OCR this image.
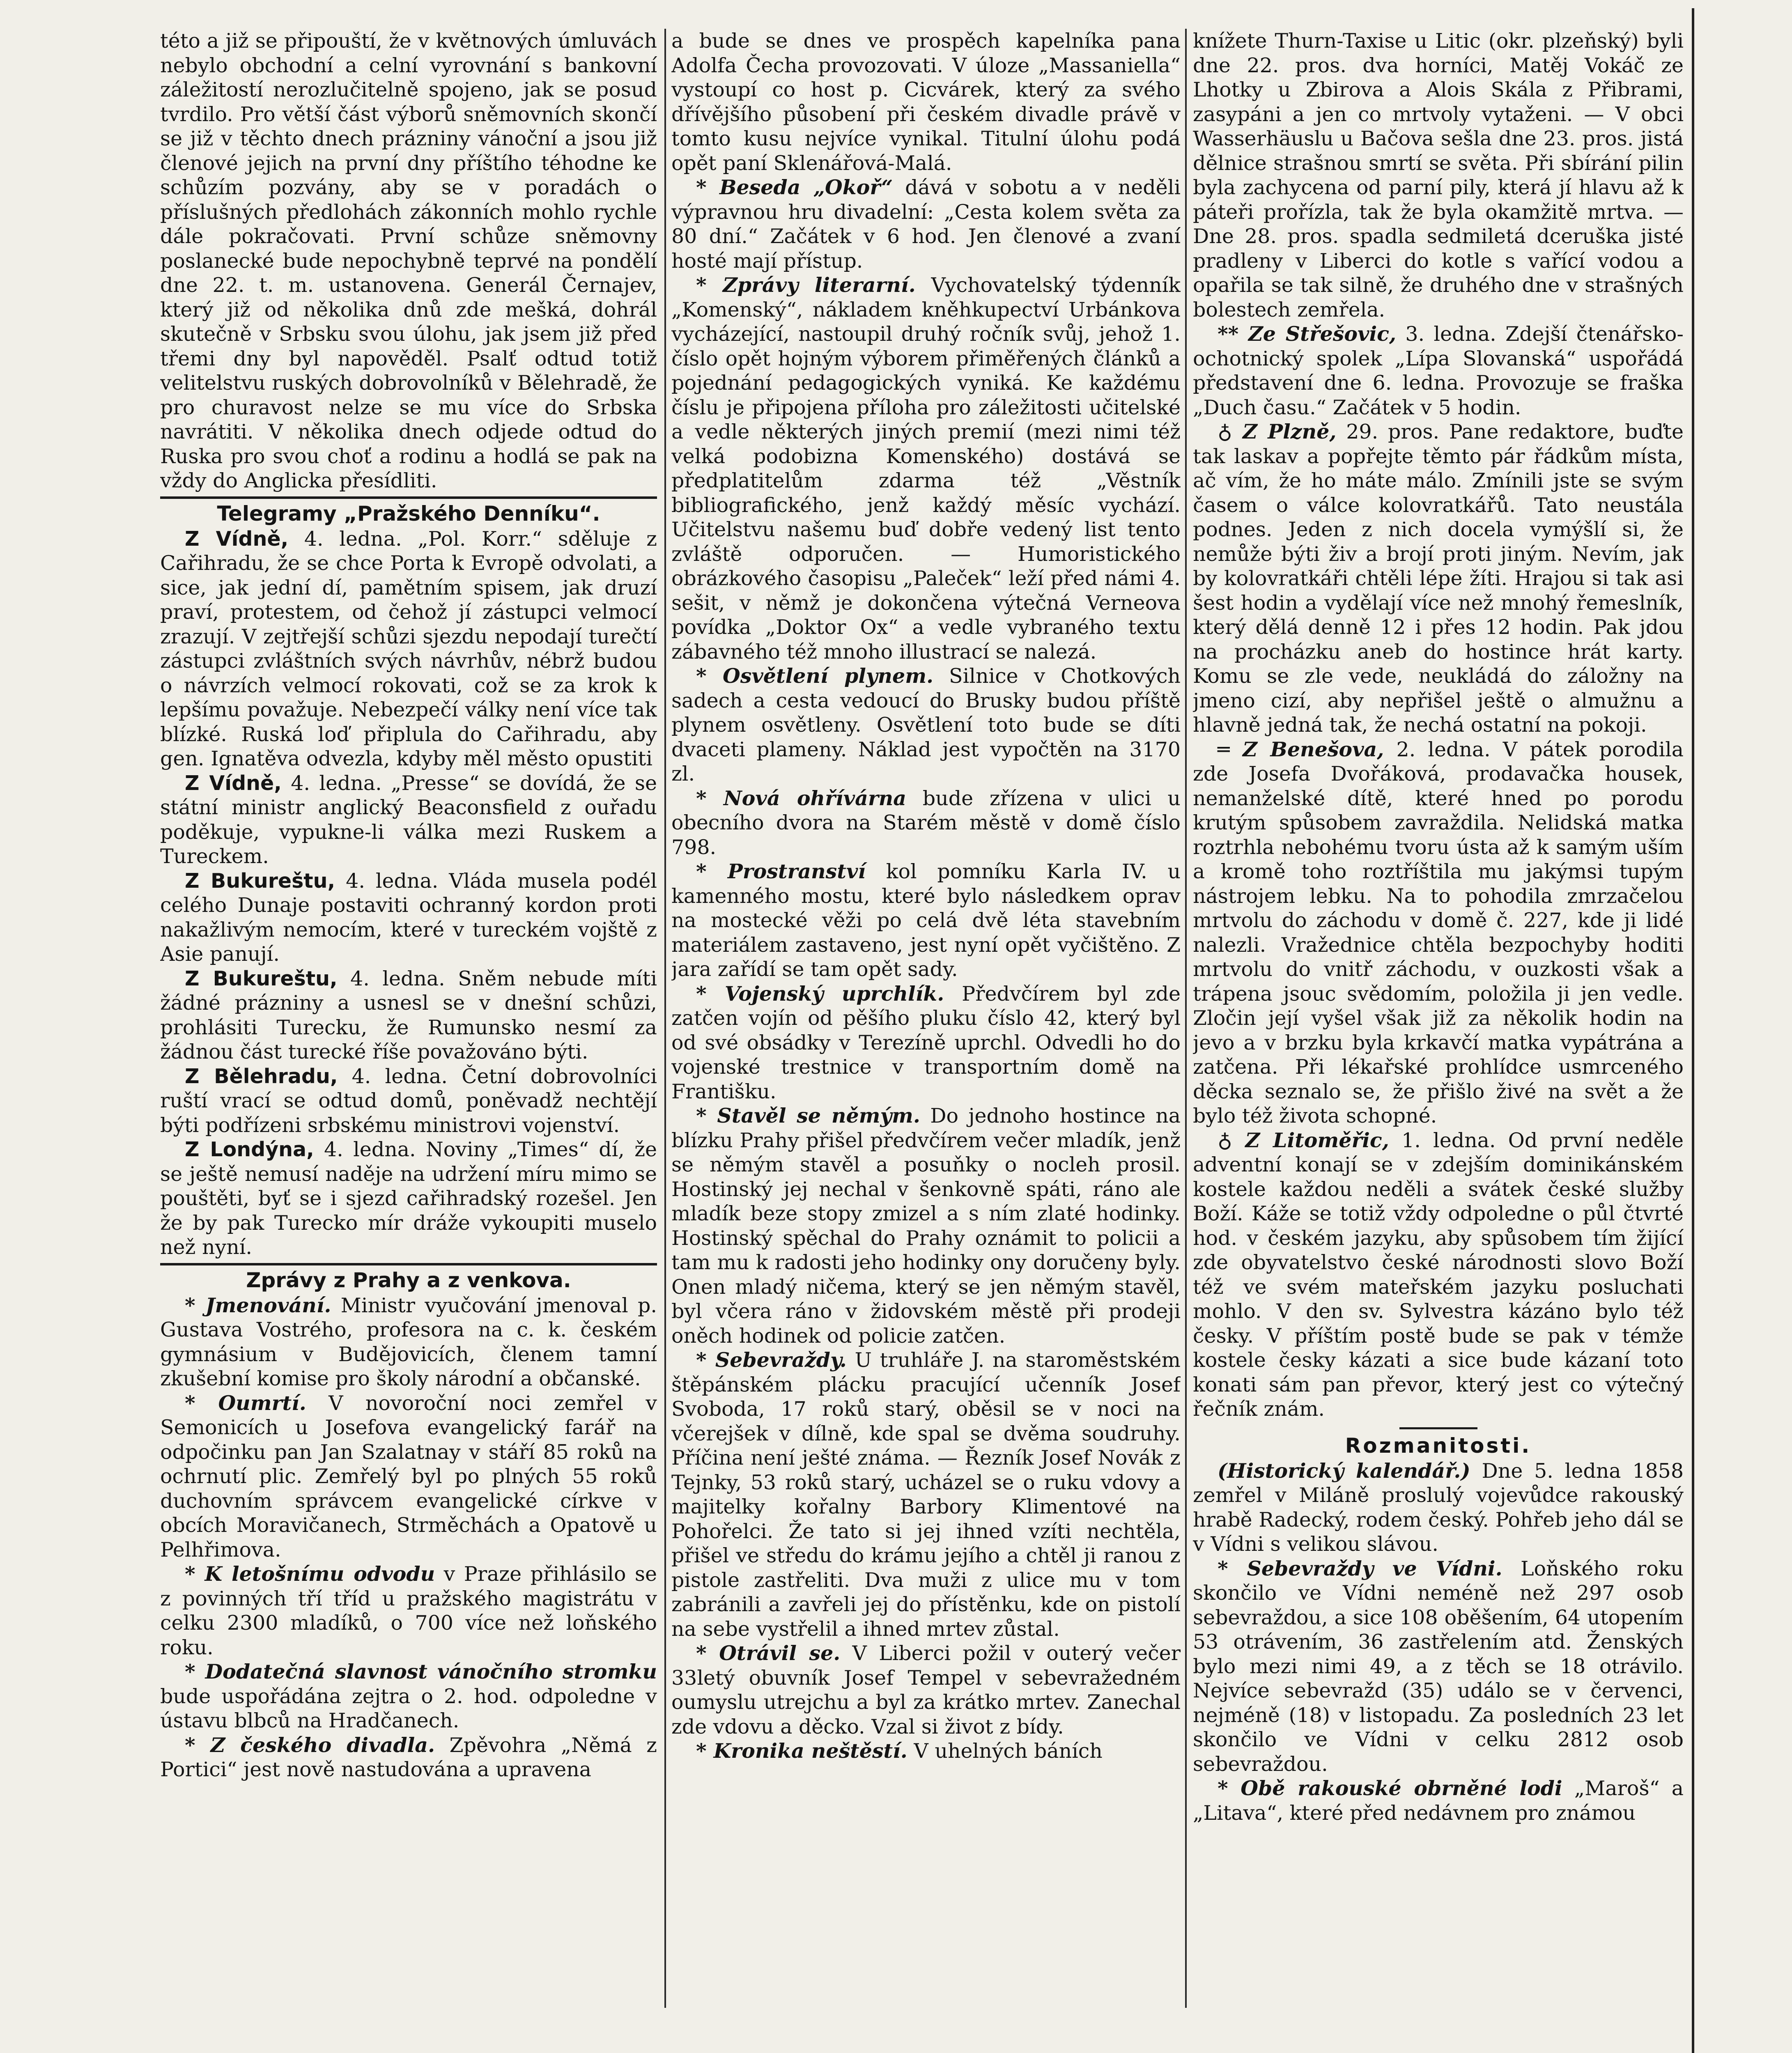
této a již se připouští, že v květnových úmluvách nebylo obchodní a celní vyrovnání s bankovní záležitostí nerozlučitelně spojeno, jak se posud tvrdilo. Pro větší část výborů sněmovních skončí se již v těchto dnech prázniny vánoční a jsou již členové jejich na první dny příštího téhodne ke schůzím pozvány, aby se v poradách o příslušných předlohách zákonních mohlo rychle dále pokračovati. První schůze sněmovny poslanecké bude nepochybně teprvé na pondělí dne 22. t. m. ustanovena. Generál Černajev, který již od několika dnů zde mešká, dohrál skutečně v Srbsku svou úlohu, jak jsem již před třemi dny byl napověděl. Psalť odtud totiž velitelstvu ruských dobrovolníků v Bělehradě, že pro churavost nelze se mu více do Srbska navrátiti. V několika dnech odjede odtud do Ruska pro svou choť a rodinu a hodlá se pak na vždy do Anglicka přesídliti.

Telegramy „Pražského Denníku“.

Z Vídně, 4. ledna. „Pol. Korr.“ sděluje z Cařihradu, že se chce Porta k Evropě odvolati, a sice, jak jední dí, pamětním spisem, jak druzí praví, protestem, od čehož jí zástupci velmocí zrazují. V zejtřejší schůzi sjezdu nepodají turečtí zástupci zvláštních svých návrhův, nébrž budou o návrzích velmocí rokovati, což se za krok k lepšímu považuje. Nebezpečí války není více tak blízké. Ruská loď připlula do Cařihradu, aby gen. Ignatěva odvezla, kdyby měl město opustiti

Z Vídně, 4. ledna. „Presse“ se dovídá, že se státní ministr anglický Beaconsfield z ouřadu poděkuje, vypukne-li válka mezi Ruskem a Tureckem.

Z Bukureštu, 4. ledna. Vláda musela podél celého Dunaje postaviti ochranný kordon proti nakažlivým nemocím, které v tureckém vojště z Asie panují.

Z Bukureštu, 4. ledna. Sněm nebude míti žádné prázniny a usnesl se v dnešní schůzi, prohlásiti Turecku, že Rumunsko nesmí za žádnou část turecké říše považováno býti.

Z Bělehradu, 4. ledna. Četní dobrovolníci ruští vrací se odtud domů, poněvadž nechtějí býti podřízeni srbskému ministrovi vojenství.

Z Londýna, 4. ledna. Noviny „Times“ dí, že se ještě nemusí naděje na udržení míru mimo se pouštěti, byť se i sjezd cařihradský rozešel. Jen že by pak Turecko mír dráže vykoupiti muselo než nyní.

Zprávy z Prahy a z venkova.

* Jmenování. Ministr vyučování jmenoval p. Gustava Vostrého, profesora na c. k. českém gymnásium v Budějovicích, členem tamní zkušební komise pro školy národní a občanské.

* Oumrtí. V novoroční noci zemřel v Semonicích u Josefova evangelický farář na odpočinku pan Jan Szalatnay v stáří 85 roků na ochrnutí plic. Zemřelý byl po plných 55 roků duchovním správcem evangelické církve v obcích Moravičanech, Strměchách a Opatově u Pelhřimova.

* K letošnímu odvodu v Praze přihlásilo se z povinných tří tříd u pražského magistrátu v celku 2300 mladíků, o 700 více než loňského roku.

* Dodatečná slavnost vánočního stromku bude uspořádána zejtra o 2. hod. odpoledne v ústavu blbců na Hradčanech.

* Z českého divadla. Zpěvohra „Němá z Portici“ jest nově nastudována a upravena

a bude se dnes ve prospěch kapelníka pana Adolfa Čecha provozovati. V úloze „Massaniella“ vystoupí co host p. Cicvárek, který za svého dřívějšího působení při českém divadle právě v tomto kusu nejvíce vynikal. Titulní úlohu podá opět paní Sklenářová-Malá.

* Beseda „Okoř“ dává v sobotu a v neděli výpravnou hru divadelní: „Cesta kolem světa za 80 dní.“ Začátek v 6 hod. Jen členové a zvaní hosté mají přístup.

* Zprávy literarní. Vychovatelský týdenník „Komenský“, nákladem kněhkupectví Urbánkova vycházející, nastoupil druhý ročník svůj, jehož 1. číslo opět hojným výborem přiměřených článků a pojednání pedagogických vyniká. Ke každému číslu je připojena příloha pro záležitosti učitelské a vedle některých jiných premií (mezi nimi též velká podobizna Komenského) dostává se předplatitelům zdarma též „Věstník bibliografického, jenž každý měsíc vychází. Učitelstvu našemu buď dobře vedený list tento zvláště odporučen. — Humoristického obrázkového časopisu „Paleček“ leží před námi 4. sešit, v němž je dokončena výtečná Verneova povídka „Doktor Ox“ a vedle vybraného textu zábavného též mnoho illustrací se nalezá.

* Osvětlení plynem. Silnice v Chotkových sadech a cesta vedoucí do Brusky budou příště plynem osvětleny. Osvětlení toto bude se díti dvaceti plameny. Náklad jest vypočtěn na 3170 zl.

* Nová ohřívárna bude zřízena v ulici u obecního dvora na Starém městě v domě číslo 798.

* Prostranství kol pomníku Karla IV. u kamenného mostu, které bylo následkem oprav na mostecké věži po celá dvě léta stavebním materiálem zastaveno, jest nyní opět vyčištěno. Z jara zařídí se tam opět sady.

* Vojenský uprchlík. Předvčírem byl zde zatčen vojín od pěšího pluku číslo 42, který byl od své obsádky v Terezíně uprchl. Odvedli ho do vojenské trestnice v transportním domě na Františku.

* Stavěl se němým. Do jednoho hostince na blízku Prahy přišel předvčírem večer mladík, jenž se němým stavěl a posuňky o nocleh prosil. Hostinský jej nechal v šenkovně spáti, ráno ale mladík beze stopy zmizel a s ním zlaté hodinky. Hostinský spěchal do Prahy oznámit to policii a tam mu k radosti jeho hodinky ony doručeny byly. Onen mladý ničema, který se jen němým stavěl, byl včera ráno v židovském městě při prodeji oněch hodinek od policie zatčen.

* Sebevraždy. U truhláře J. na staroměstském štěpánském plácku pracující učenník Josef Svoboda, 17 roků starý, oběsil se v noci na včerejšek v dílně, kde spal se dvěma soudruhy. Příčina není ješté známa. — Řezník Josef Novák z Tejnky, 53 roků starý, ucházel se o ruku vdovy a majitelky kořalny Barbory Klimentové na Pohořelci. Že tato si jej ihned vzíti nechtěla, přišel ve středu do krámu jejího a chtěl ji ranou z pistole zastřeliti. Dva muži z ulice mu v tom zabránili a zavřeli jej do přístěnku, kde on pistolí na sebe vystřelil a ihned mrtev zůstal.

* Otrávil se. V Liberci požil v outerý večer 33letý obuvník Josef Tempel v sebevražedném oumyslu utrejchu a byl za krátko mrtev. Zanechal zde vdovu a děcko. Vzal si život z bídy.

* Kronika neštěstí. V uhelných báních

knížete Thurn-Taxise u Litic (okr. plzeňský) byli dne 22. pros. dva horníci, Matěj Vokáč ze Lhotky u Zbirova a Alois Skála z Přibrami, zasypáni a jen co mrtvoly vytaženi. — V obci Wasserhäuslu u Bačova sešla dne 23. pros. jistá dělnice strašnou smrtí se světa. Při sbírání pilin byla zachycena od parní pily, která jí hlavu až k páteři prořízla, tak že byla okamžitě mrtva. — Dne 28. pros. spadla sedmiletá dceruška jisté pradleny v Liberci do kotle s vařící vodou a opařila se tak silně, že druhého dne v strašných bolestech zemřela.

** Ze Střešovic, 3. ledna. Zdejší čtenářsko-ochotnický spolek „Lípa Slovanská“ uspořádá představení dne 6. ledna. Provozuje se fraška „Duch času.“ Začátek v 5 hodin.

♁ Z Plzně, 29. pros. Pane redaktore, buďte tak laskav a popřejte těmto pár řádkům místa, ač vím, že ho máte málo. Zmínili jste se svým časem o válce kolovratkářů. Tato neustála podnes. Jeden z nich docela vymýšlí si, že nemůže býti živ a brojí proti jiným. Nevím, jak by kolovratkáři chtěli lépe žíti. Hrajou si tak asi šest hodin a vydělají více než mnohý řemeslník, který dělá denně 12 i přes 12 hodin. Pak jdou na procházku aneb do hostince hrát karty. Komu se zle vede, neukládá do záložny na jmeno cizí, aby nepřišel ještě o almužnu a hlavně jedná tak, že nechá ostatní na pokoji.

═ Z Benešova, 2. ledna. V pátek porodila zde Josefa Dvořáková, prodavačka housek, nemanželské dítě, které hned po porodu krutým spůsobem zavraždila. Nelidská matka roztrhla nebohému tvoru ústa až k samým uším a kromě toho roztříštila mu jakýmsi tupým nástrojem lebku. Na to pohodila zmrzačelou mrtvolu do záchodu v domě č. 227, kde ji lidé nalezli. Vražednice chtěla bezpochyby hoditi mrtvolu do vnitř záchodu, v ouzkosti však a trápena jsouc svědomím, položila ji jen vedle. Zločin její vyšel však již za několik hodin na jevo a v brzku byla krkavčí matka vypátrána a zatčena. Při lékařské prohlídce usmrceného děcka seznalo se, že přišlo živé na svět a že bylo též života schopné.

♁ Z Litoměřic, 1. ledna. Od první neděle adventní konají se v zdejším dominikánském kostele každou neděli a svátek české služby Boží. Káže se totiž vždy odpoledne o půl čtvrté hod. v českém jazyku, aby spůsobem tím žijící zde obyvatelstvo české národnosti slovo Boží též ve svém mateřském jazyku posluchati mohlo. V den sv. Sylvestra kázáno bylo též česky. V příštím postě bude se pak v témže kostele česky kázati a sice bude kázaní toto konati sám pan převor, který jest co výtečný řečník znám.

Rozmanitosti.

(Historický kalendář.) Dne 5. ledna 1858 zemřel v Miláně proslulý vojevůdce rakouský hrabě Radecký, rodem český. Pohřeb jeho dál se v Vídni s velikou slávou.

* Sebevraždy ve Vídni. Loňského roku skončilo ve Vídni neméně než 297 osob sebevraždou, a sice 108 oběšením, 64 utopením 53 otrávením, 36 zastřelením atd. Ženských bylo mezi nimi 49, a z těch se 18 otrávilo. Nejvíce sebevražd (35) událo se v červenci, nejméně (18) v listopadu. Za posledních 23 let skončilo ve Vídni v celku 2812 osob sebevraždou.

* Obě rakouské obrněné lodi „Maroš“ a „Litava“, které před nedávnem pro známou
